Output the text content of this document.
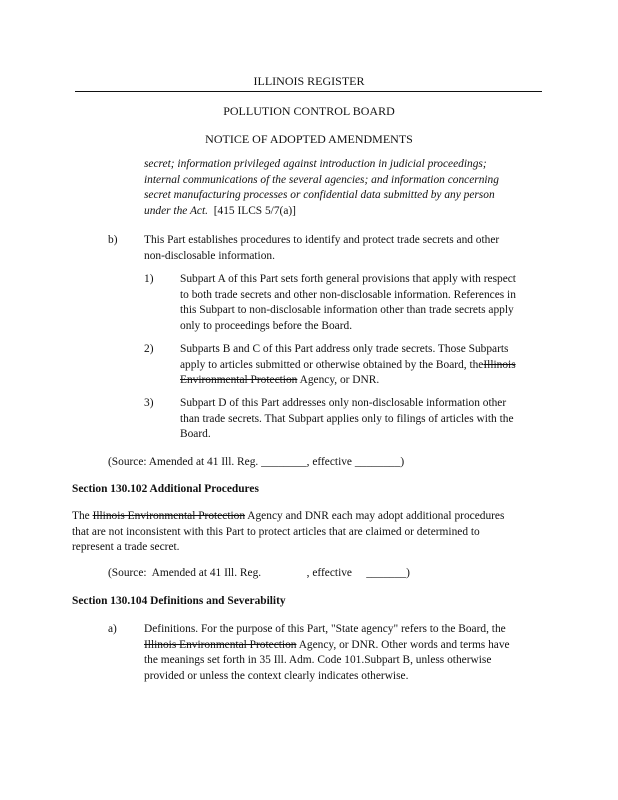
ILLINOIS REGISTER
POLLUTION CONTROL BOARD
NOTICE OF ADOPTED AMENDMENTS
secret; information privileged against introduction in judicial proceedings;
internal communications of the several agencies; and information concerning
secret manufacturing processes or confidential data submitted by any person
under the Act. [415 ILCS 5/7(a)]
b) This Part establishes procedures to identify and protect trade secrets and other
non-disclosable information.
1) Subpart A of this Part sets forth general provisions that apply with respect
to both trade secrets and other non-disclosable information. References in
this Subpart to non-disclosable information other than trade secrets apply
only to proceedings before the Board.
2) Subparts B and C of this Part address only trade secrets. Those Subparts
apply to articles submitted or otherwise obtained by the Board, theIllinois
Environmental Protection Agency, or DNR.
3) Subpart D of this Part addresses only non-disclosable information other
than trade secrets. That Subpart applies only to filings of articles with the
Board.
(Source: Amended at 41 Ill. Reg. ________, effective ________)
Section 130.102 Additional Procedures
The Illinois Environmental Protection Agency and DNR each may adopt additional procedures
that are not inconsistent with this Part to protect articles that are claimed or determined to
represent a trade secret.
(Source:  Amended at 41 Ill. Reg.                , effective     _______)
Section 130.104 Definitions and Severability
a) Definitions. For the purpose of this Part, "State agency" refers to the Board, the
Illinois Environmental Protection Agency, or DNR. Other words and terms have
the meanings set forth in 35 Ill. Adm. Code 101.Subpart B, unless otherwise
provided or unless the context clearly indicates otherwise.
